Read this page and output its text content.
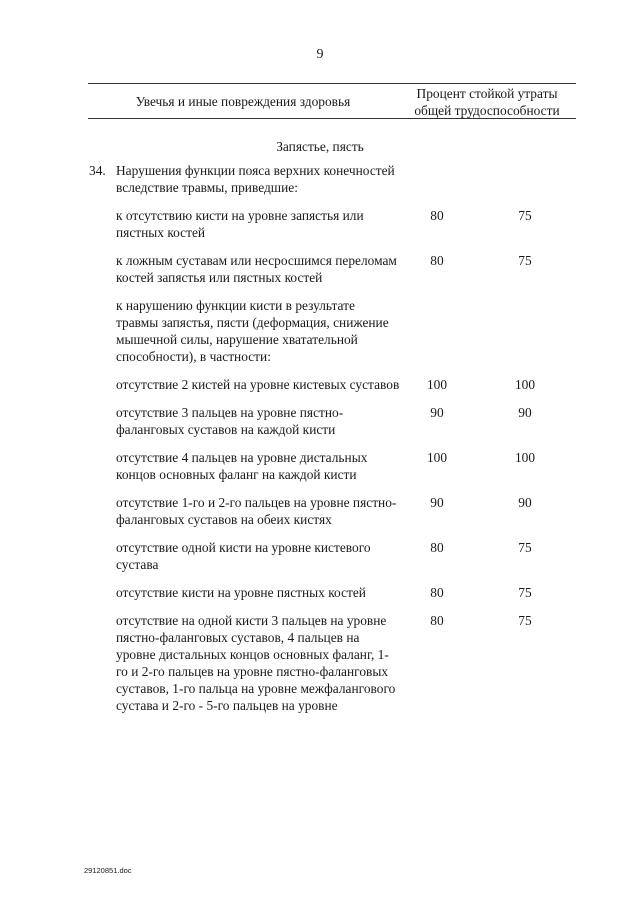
9
Увечья и иные повреждения здоровья
Процент стойкой утраты
общей трудоспособности
Запястье, пясть
34. Нарушения функции пояса верхних конечностей вследствие травмы, приведшие:
к отсутствию кисти на уровне запястья или пястных костей
80	75
к ложным суставам или несросшимся переломам костей запястья или пястных костей
80	75
к нарушению функции кисти в результате травмы запястья, пясти (деформация, снижение мышечной силы, нарушение хватательной способности), в частности:
отсутствие 2 кистей на уровне кистевых суставов	100	100
отсутствие 3 пальцев на уровне пястно-фаланговых суставов на каждой кисти
90	90
отсутствие 4 пальцев на уровне дистальных концов основных фаланг на каждой кисти
100	100
отсутствие 1-го и 2-го пальцев на уровне пястно-фаланговых суставов на обеих кистях
90	90
отсутствие одной кисти на уровне кистевого сустава
80	75
отсутствие кисти на уровне пястных костей	80	75
отсутствие на одной кисти 3 пальцев на уровне пястно-фаланговых суставов, 4 пальцев на уровне дистальных концов основных фаланг, 1-го и 2-го пальцев на уровне пястно-фаланговых суставов, 1-го пальца на уровне межфалангового сустава и 2-го - 5-го пальцев на уровне
80	75
29120851.doc
